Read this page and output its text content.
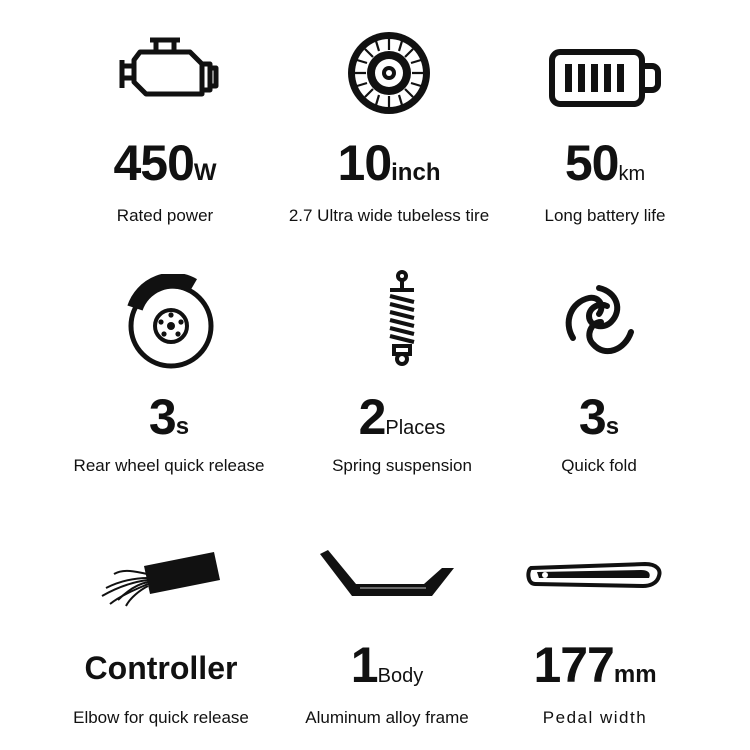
450W
Rated power
10inch
2.7 Ultra wide tubeless tire
50km
Long battery life
3s
Rear wheel quick release
2Places
Spring suspension
3s
Quick fold
Controller
Elbow for quick release
1Body
Aluminum alloy frame
177mm
Pedal width
